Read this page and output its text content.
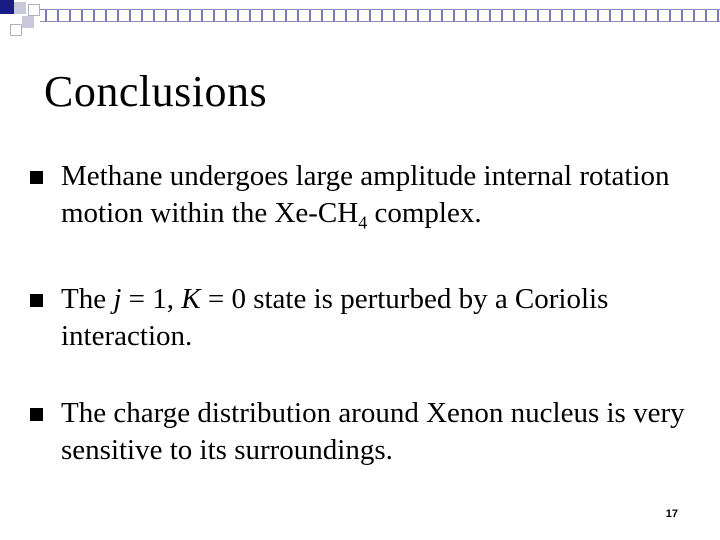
Conclusions
Methane undergoes large amplitude internal rotation motion within the $Xe-CH_4$ complex.
The j = 1, K = 0 state is perturbed by a Coriolis interaction.
The charge distribution around Xenon nucleus is very sensitive to its surroundings.
17
